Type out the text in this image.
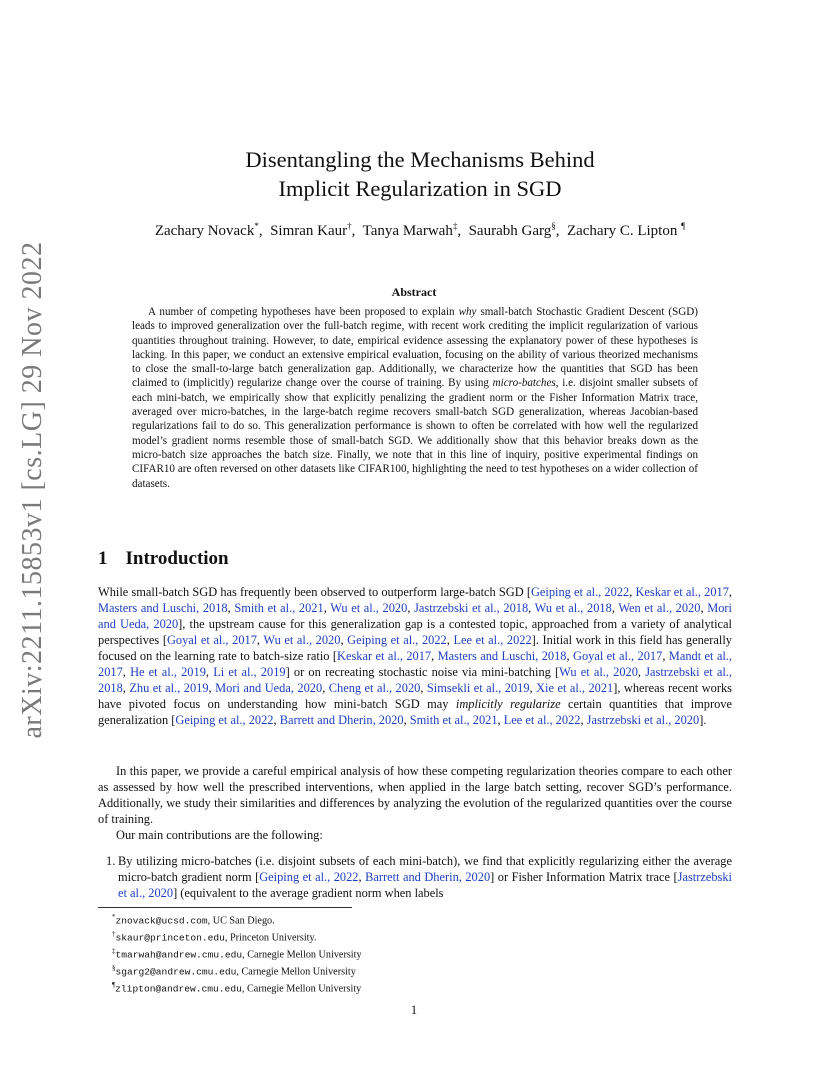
arXiv:2211.15853v1 [cs.LG] 29 Nov 2022
Disentangling the Mechanisms Behind
Implicit Regularization in SGD
Zachary Novack*,  Simran Kaur†,  Tanya Marwah‡,  Saurabh Garg§,  Zachary C. Lipton ¶
Abstract

A number of competing hypotheses have been proposed to explain why small-batch Stochastic Gradient Descent (SGD) leads to improved generalization over the full-batch regime, with recent work crediting the implicit regularization of various quantities throughout training. However, to date, empirical evidence assessing the explanatory power of these hypotheses is lacking. In this paper, we conduct an extensive empirical evaluation, focusing on the ability of various theorized mechanisms to close the small-to-large batch generalization gap. Additionally, we characterize how the quantities that SGD has been claimed to (implicitly) regularize change over the course of training. By using micro-batches, i.e. disjoint smaller subsets of each mini-batch, we empirically show that explicitly penalizing the gradient norm or the Fisher Information Matrix trace, averaged over micro-batches, in the large-batch regime recovers small-batch SGD generalization, whereas Jacobian-based regularizations fail to do so. This generalization performance is shown to often be correlated with how well the regularized model’s gradient norms resemble those of small-batch SGD. We additionally show that this behavior breaks down as the micro-batch size approaches the batch size. Finally, we note that in this line of inquiry, positive experimental findings on CIFAR10 are often reversed on other datasets like CIFAR100, highlighting the need to test hypotheses on a wider collection of datasets.

1 Introduction

While small-batch SGD has frequently been observed to outperform large-batch SGD [Geiping et al., 2022, Keskar et al., 2017, Masters and Luschi, 2018, Smith et al., 2021, Wu et al., 2020, Jastrzebski et al., 2018, Wu et al., 2018, Wen et al., 2020, Mori and Ueda, 2020], the upstream cause for this generalization gap is a contested topic, approached from a variety of analytical perspectives [Goyal et al., 2017, Wu et al., 2020, Geiping et al., 2022, Lee et al., 2022]. Initial work in this field has generally focused on the learning rate to batch-size ratio [Keskar et al., 2017, Masters and Luschi, 2018, Goyal et al., 2017, Mandt et al., 2017, He et al., 2019, Li et al., 2019] or on recreating stochastic noise via mini-batching [Wu et al., 2020, Jastrzebski et al., 2018, Zhu et al., 2019, Mori and Ueda, 2020, Cheng et al., 2020, Simsekli et al., 2019, Xie et al., 2021], whereas recent works have pivoted focus on understanding how mini-batch SGD may implicitly regularize certain quantities that improve generalization [Geiping et al., 2022, Barrett and Dherin, 2020, Smith et al., 2021, Lee et al., 2022, Jastrzebski et al., 2020].

In this paper, we provide a careful empirical analysis of how these competing regularization theories compare to each other as assessed by how well the prescribed interventions, when applied in the large batch setting, recover SGD’s performance. Additionally, we study their similarities and differences by analyzing the evolution of the regularized quantities over the course of training.

Our main contributions are the following:

1. By utilizing micro-batches (i.e. disjoint subsets of each mini-batch), we find that explicitly regularizing either the average micro-batch gradient norm [Geiping et al., 2022, Barrett and Dherin, 2020] or Fisher Information Matrix trace [Jastrzebski et al., 2020] (equivalent to the average gradient norm when labels

*znovack@ucsd.com, UC San Diego.
†skaur@princeton.edu, Princeton University.
‡tmarwah@andrew.cmu.edu, Carnegie Mellon University
§sgarg2@andrew.cmu.edu, Carnegie Mellon University
¶zlipton@andrew.cmu.edu, Carnegie Mellon University
1
